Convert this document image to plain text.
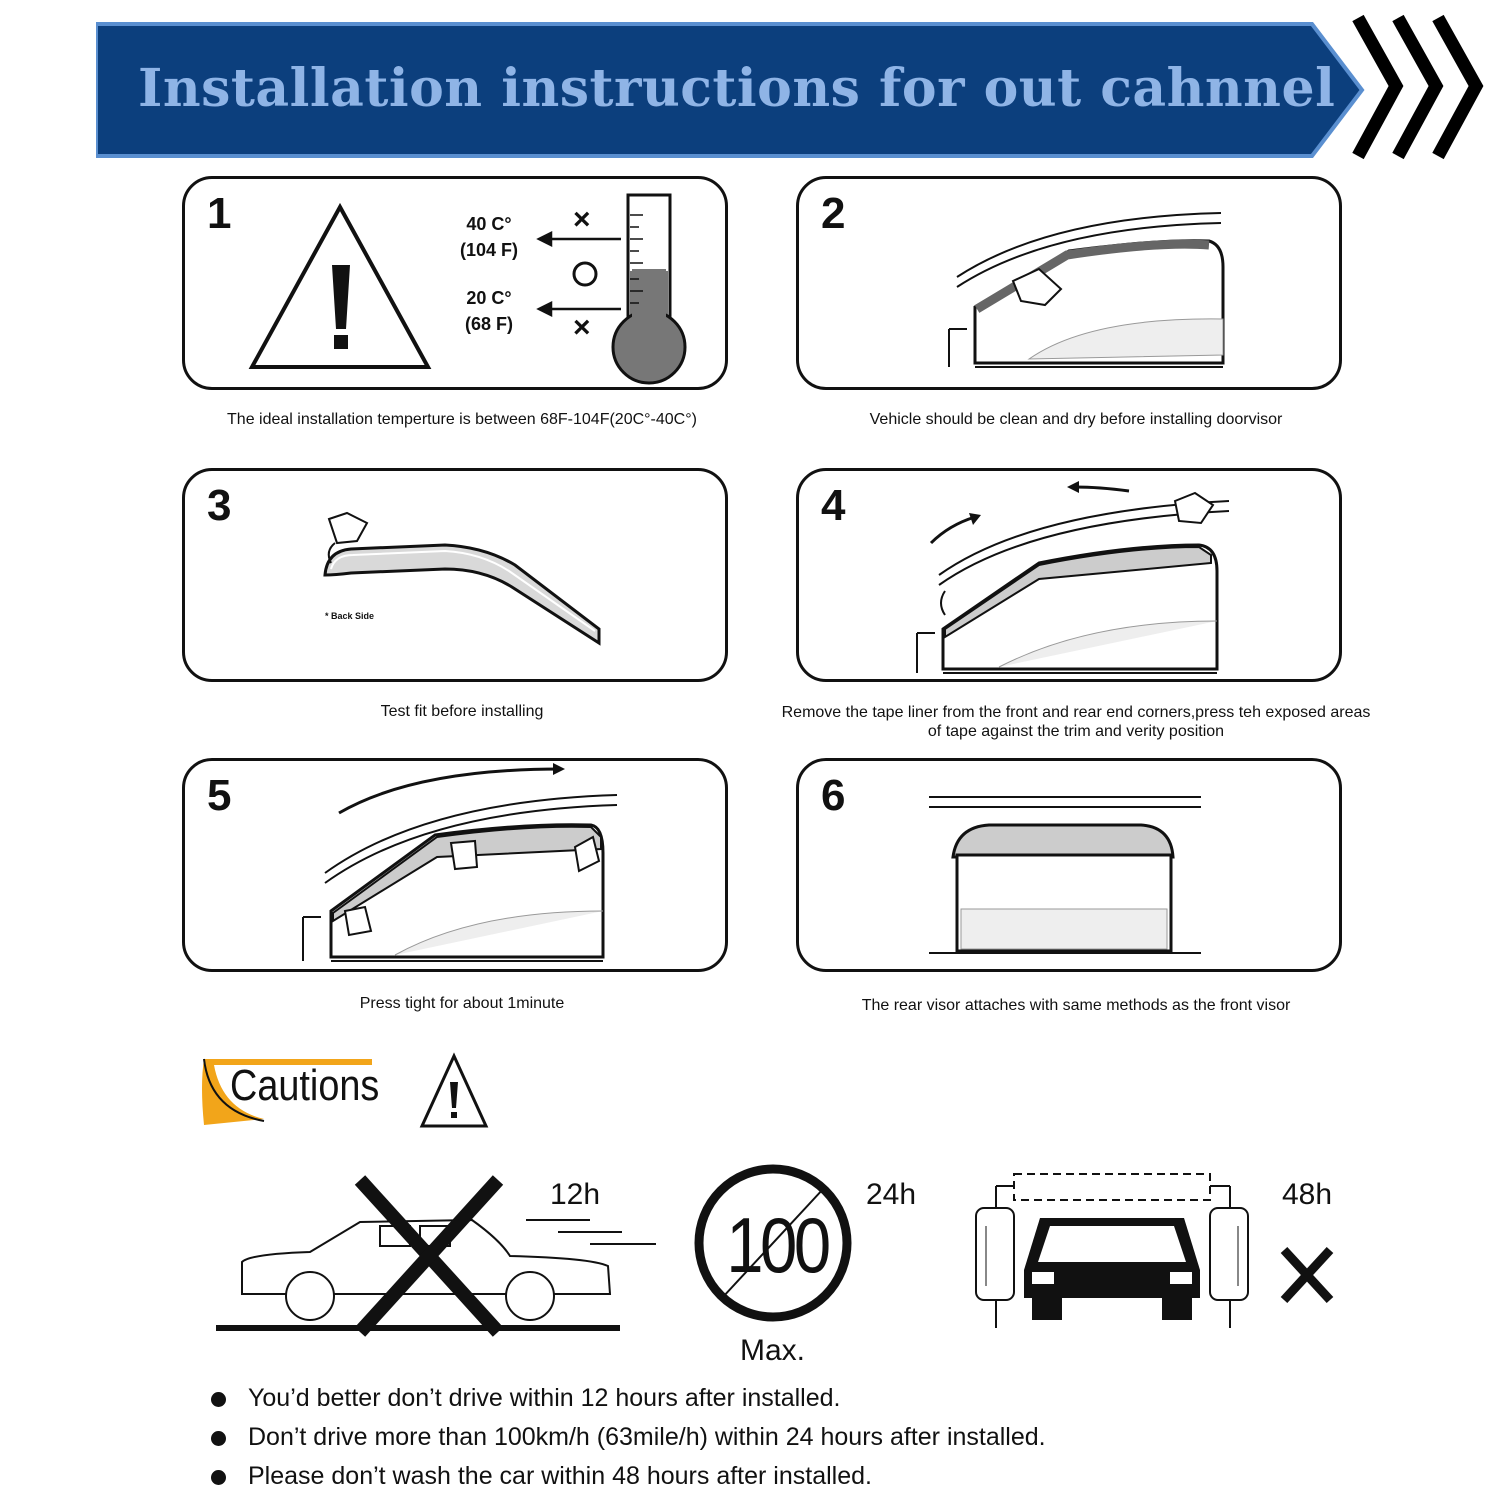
Installation instructions for out cahnnel

1	×
×
40 C°
(104 F)
20 C°
(68 F)
The ideal installation temperture is between 68F-104F(20C°-40C°)

2

Vehicle should be clean and dry before installing doorvisor

3

* Back Side
Test fit before installing

4

Remove the tape liner from the front and rear end corners,press teh exposed areas of tape against the trim and verity position

5

Press tight for about 1minute

6

The rear visor attaches with same methods as the front visor
Cautions
12h
100
24h
Max.
48h
You’d better don’t drive within 12 hours after installed.
Don’t drive more than 100km/h (63mile/h) within 24 hours after installed.
Please don’t wash the car within 48 hours after installed.
